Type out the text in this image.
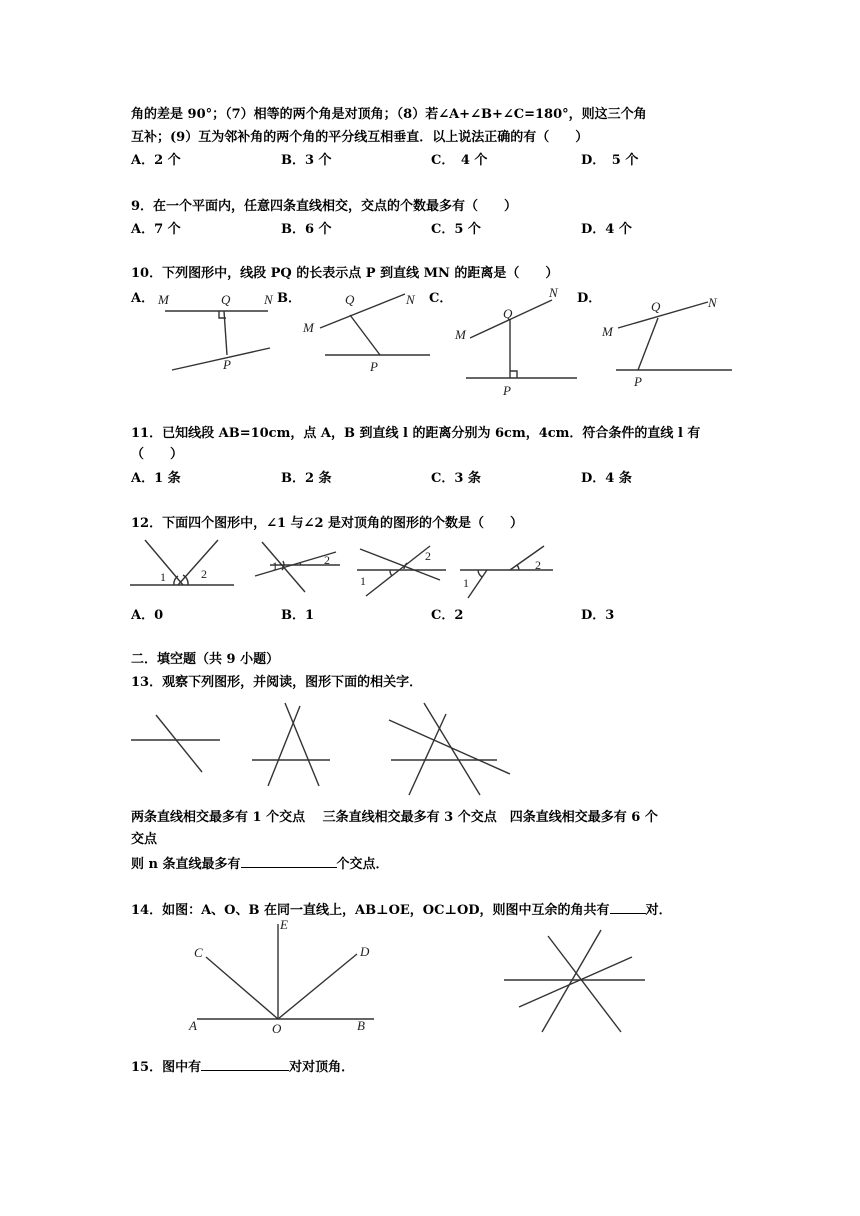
角的差是 90°；（7）相等的两个角是对顶角；（8）若∠A+∠B+∠C=180°，则这三个角
互补；(9）互为邻补角的两个角的平分线互相垂直．以上说法正确的有（　　）
A．2 个	B．3 个	C．　4 个	D．　5 个
9．在一个平面内，任意四条直线相交，交点的个数最多有（　　）
A．7 个	B．6 个	C．5 个	D．4 个
10．下列图形中，线段 PQ 的长表示点 P 到直线 MN 的距离是（　　）
A．	B．	C．	D．
M	Q	N
P
M
Q	N
P
M
Q
N
P
M
Q	N
P
11．已知线段 AB=10cm，点 A，B 到直线 l 的距离分别为 6cm，4cm．符合条件的直线 l 有
（　　）
A．1 条	B．2 条	C．3 条	D．4 条
12．下面四个图形中，∠1 与∠2 是对顶角的图形的个数是（　　）
1	2
1	2
1
2
1
2
A．0	B．1	C．2	D．3
二．填空题（共 9 小题）
13．观察下列图形，并阅读，图形下面的相关字．
两条直线相交最多有 1 个交点　 三条直线相交最多有 3 个交点　四条直线相交最多有 6 个
交点
则 n 条直线最多有	个交点．
14．如图：A、O、B 在同一直线上，AB⊥OE，OC⊥OD，则图中互余的角共有	对．
E
C	D
A	O	B
15．图中有	对对顶角．
